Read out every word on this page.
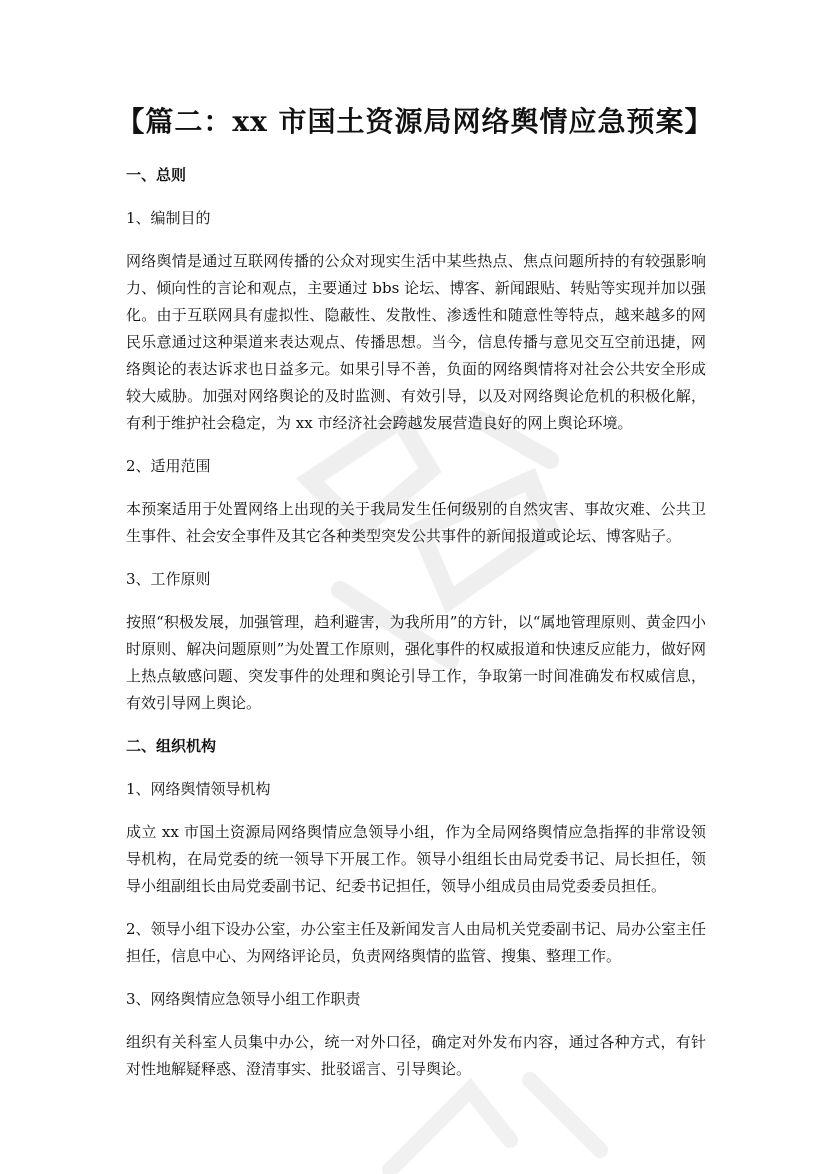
【篇二：xx 市国土资源局网络舆情应急预案】
一、总则
1、编制目的
网络舆情是通过互联网传播的公众对现实生活中某些热点、焦点问题所持的有较强影响力、倾向性的言论和观点，主要通过 bbs 论坛、博客、新闻跟贴、转贴等实现并加以强化。由于互联网具有虚拟性、隐蔽性、发散性、渗透性和随意性等特点，越来越多的网民乐意通过这种渠道来表达观点、传播思想。当今，信息传播与意见交互空前迅捷，网络舆论的表达诉求也日益多元。如果引导不善，负面的网络舆情将对社会公共安全形成较大威胁。加强对网络舆论的及时监测、有效引导，以及对网络舆论危机的积极化解，有利于维护社会稳定，为 xx 市经济社会跨越发展营造良好的网上舆论环境。
2、适用范围
本预案适用于处置网络上出现的关于我局发生任何级别的自然灾害、事故灾难、公共卫生事件、社会安全事件及其它各种类型突发公共事件的新闻报道或论坛、博客贴子。
3、工作原则
按照“积极发展，加强管理，趋利避害，为我所用”的方针，以“属地管理原则、黄金四小时原则、解决问题原则”为处置工作原则，强化事件的权威报道和快速反应能力，做好网上热点敏感问题、突发事件的处理和舆论引导工作，争取第一时间准确发布权威信息，有效引导网上舆论。
二、组织机构
1、网络舆情领导机构
成立 xx 市国土资源局网络舆情应急领导小组，作为全局网络舆情应急指挥的非常设领导机构，在局党委的统一领导下开展工作。领导小组组长由局党委书记、局长担任，领导小组副组长由局党委副书记、纪委书记担任，领导小组成员由局党委委员担任。
2、领导小组下设办公室，办公室主任及新闻发言人由局机关党委副书记、局办公室主任担任，信息中心、为网络评论员，负责网络舆情的监管、搜集、整理工作。
3、网络舆情应急领导小组工作职责
组织有关科室人员集中办公，统一对外口径，确定对外发布内容，通过各种方式，有针对性地解疑释惑、澄清事实、批驳谣言、引导舆论。
